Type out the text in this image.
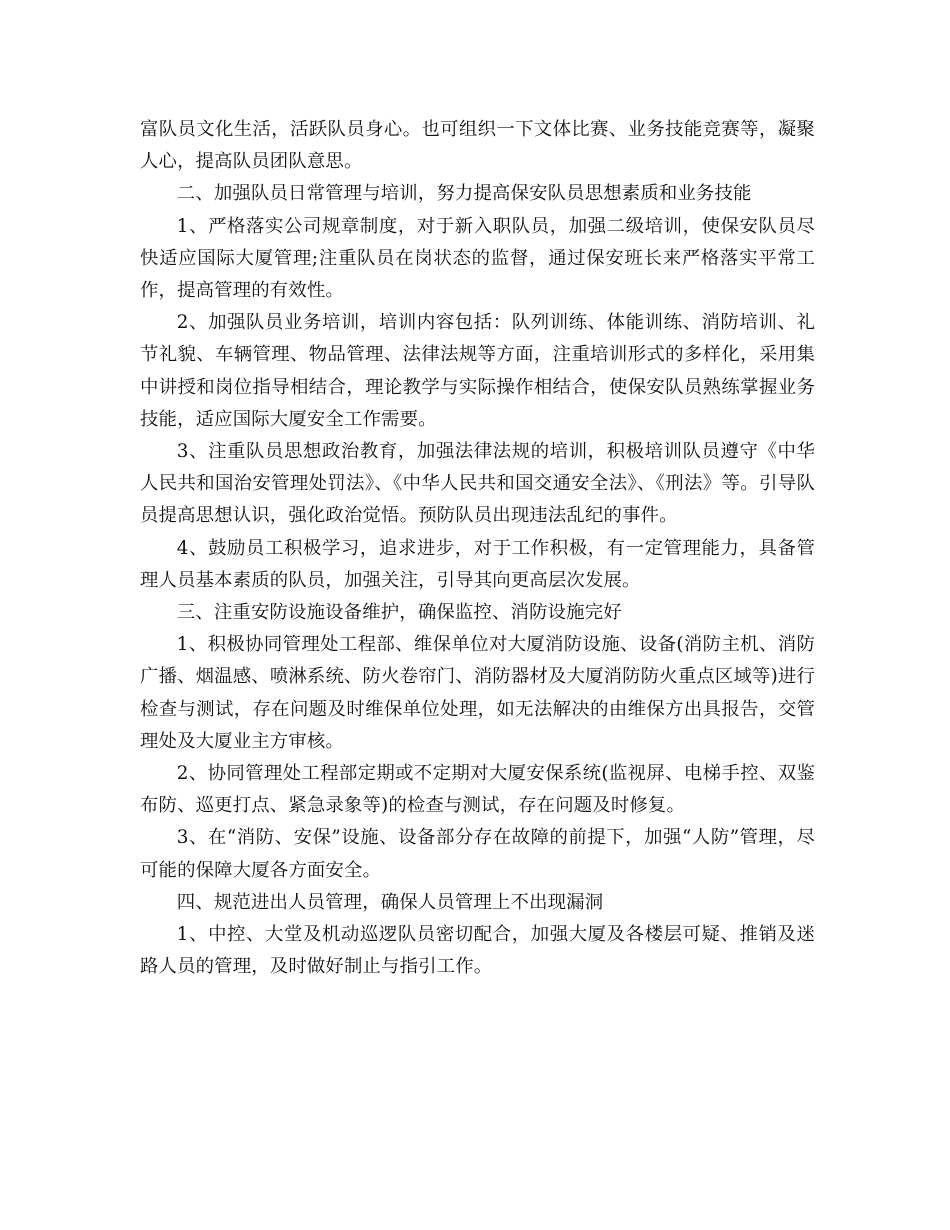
富队员文化生活，活跃队员身心。也可组织一下文体比赛、业务技能竞赛等，凝聚人心，提高队员团队意思。

二、加强队员日常管理与培训，努力提高保安队员思想素质和业务技能

1、严格落实公司规章制度，对于新入职队员，加强二级培训，使保安队员尽快适应国际大厦管理;注重队员在岗状态的监督，通过保安班长来严格落实平常工作，提高管理的有效性。

2、加强队员业务培训，培训内容包括：队列训练、体能训练、消防培训、礼节礼貌、车辆管理、物品管理、法律法规等方面，注重培训形式的多样化，采用集中讲授和岗位指导相结合，理论教学与实际操作相结合，使保安队员熟练掌握业务技能，适应国际大厦安全工作需要。

3、注重队员思想政治教育，加强法律法规的培训，积极培训队员遵守《中华人民共和国治安管理处罚法》、《中华人民共和国交通安全法》、《刑法》等。引导队员提高思想认识，强化政治觉悟。预防队员出现违法乱纪的事件。

4、鼓励员工积极学习，追求进步，对于工作积极，有一定管理能力，具备管理人员基本素质的队员，加强关注，引导其向更高层次发展。

三、注重安防设施设备维护，确保监控、消防设施完好

1、积极协同管理处工程部、维保单位对大厦消防设施、设备(消防主机、消防广播、烟温感、喷淋系统、防火卷帘门、消防器材及大厦消防防火重点区域等)进行检查与测试，存在问题及时维保单位处理，如无法解决的由维保方出具报告，交管理处及大厦业主方审核。

2、协同管理处工程部定期或不定期对大厦安保系统(监视屏、电梯手控、双鉴布防、巡更打点、紧急录象等)的检查与测试，存在问题及时修复。

3、在“消防、安保”设施、设备部分存在故障的前提下，加强“人防”管理，尽可能的保障大厦各方面安全。

四、规范进出人员管理，确保人员管理上不出现漏洞

1、中控、大堂及机动巡逻队员密切配合，加强大厦及各楼层可疑、推销及迷路人员的管理，及时做好制止与指引工作。
